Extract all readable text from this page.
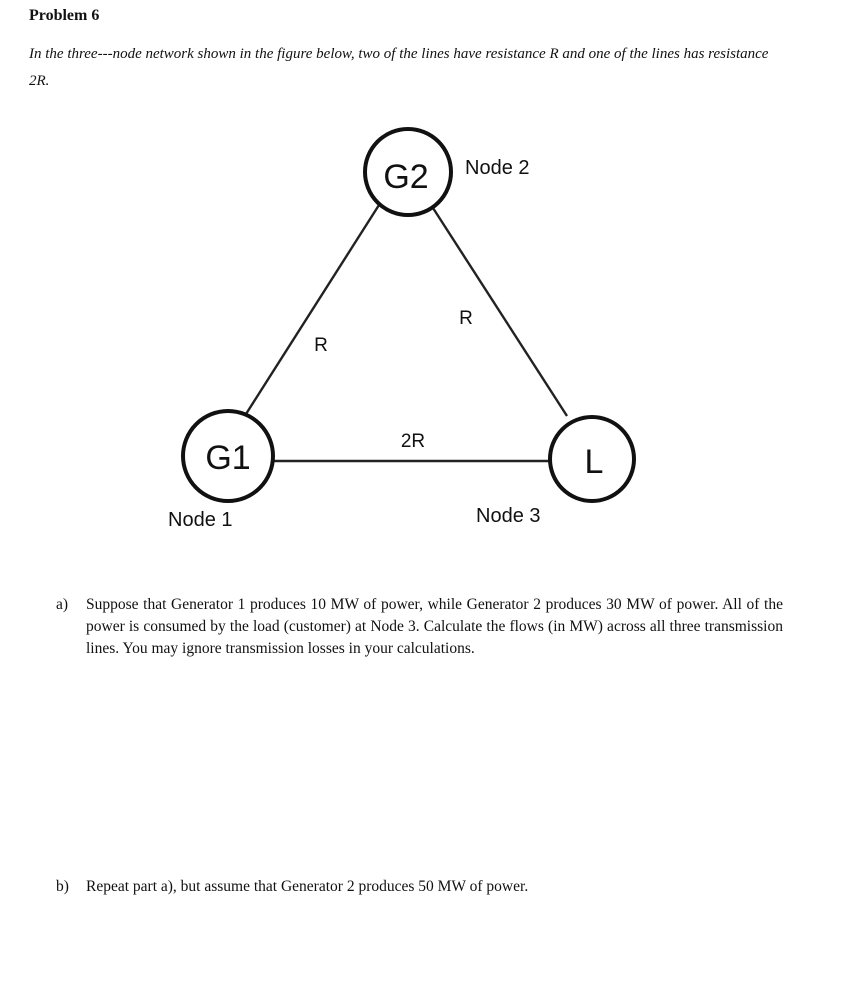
Problem 6
In the three---node network shown in the figure below, two of the lines have resistance R and one of the lines has resistance 2R.
G2
G1	L
Node 2
Node 1	Node 3
R
R
2R
a) Suppose that Generator 1 produces 10 MW of power, while Generator 2 produces 30 MW of power. All of the power is consumed by the load (customer) at Node 3. Calculate the flows (in MW) across all three transmission lines. You may ignore transmission losses in your calculations.
b) Repeat part a), but assume that Generator 2 produces 50 MW of power.
